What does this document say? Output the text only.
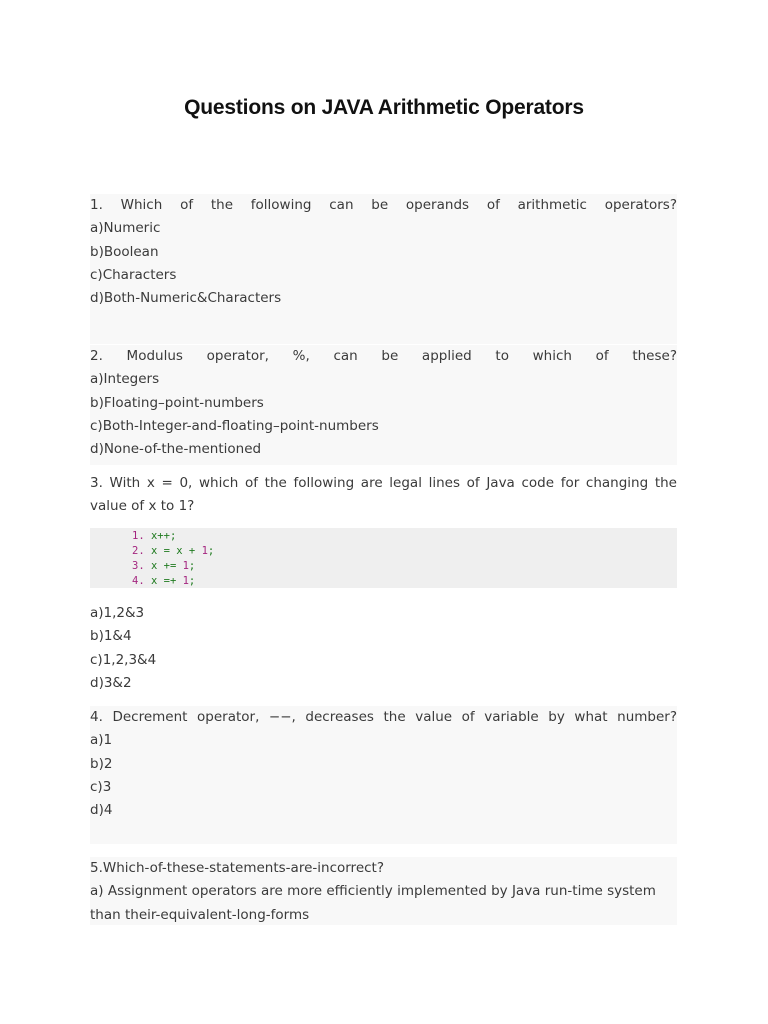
Questions on JAVA Arithmetic Operators
1. Which of the following can be operands of arithmetic operators?
a)Numeric
b)Boolean
c)Characters
d)Both-Numeric&Characters
2. Modulus operator, %, can be applied to which of these?
a)Integers
b)Floating–point-numbers
c)Both-Integer-and-floating–point-numbers
d)None-of-the-mentioned
3. With x = 0, which of the following are legal lines of Java code for changing the value of x to 1?
1. x++;
2. x = x + 1;
3. x += 1;
4. x =+ 1;
a)1,2&3
b)1&4
c)1,2,3&4
d)3&2
4. Decrement operator, −−, decreases the value of variable by what number?
a)1
b)2
c)3
d)4
5.Which-of-these-statements-are-incorrect?
a) Assignment operators are more efficiently implemented by Java run-time system than their-equivalent-long-forms
